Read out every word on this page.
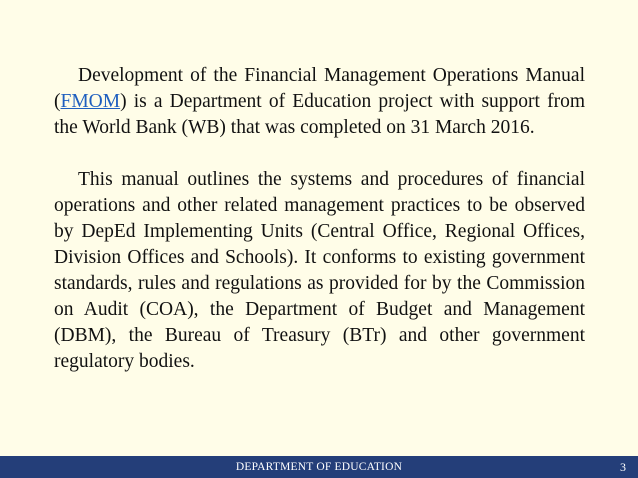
Development of the Financial Management Operations Manual (FMOM) is a Department of Education project with support from the World Bank (WB) that was completed on 31 March 2016.

This manual outlines the systems and procedures of financial operations and other related management practices to be observed by DepEd Implementing Units (Central Office, Regional Offices, Division Offices and Schools). It conforms to existing government standards, rules and regulations as provided for by the Commission on Audit (COA), the Department of Budget and Management (DBM), the Bureau of Treasury (BTr) and other government regulatory bodies.

DEPARTMENT OF EDUCATION	3
